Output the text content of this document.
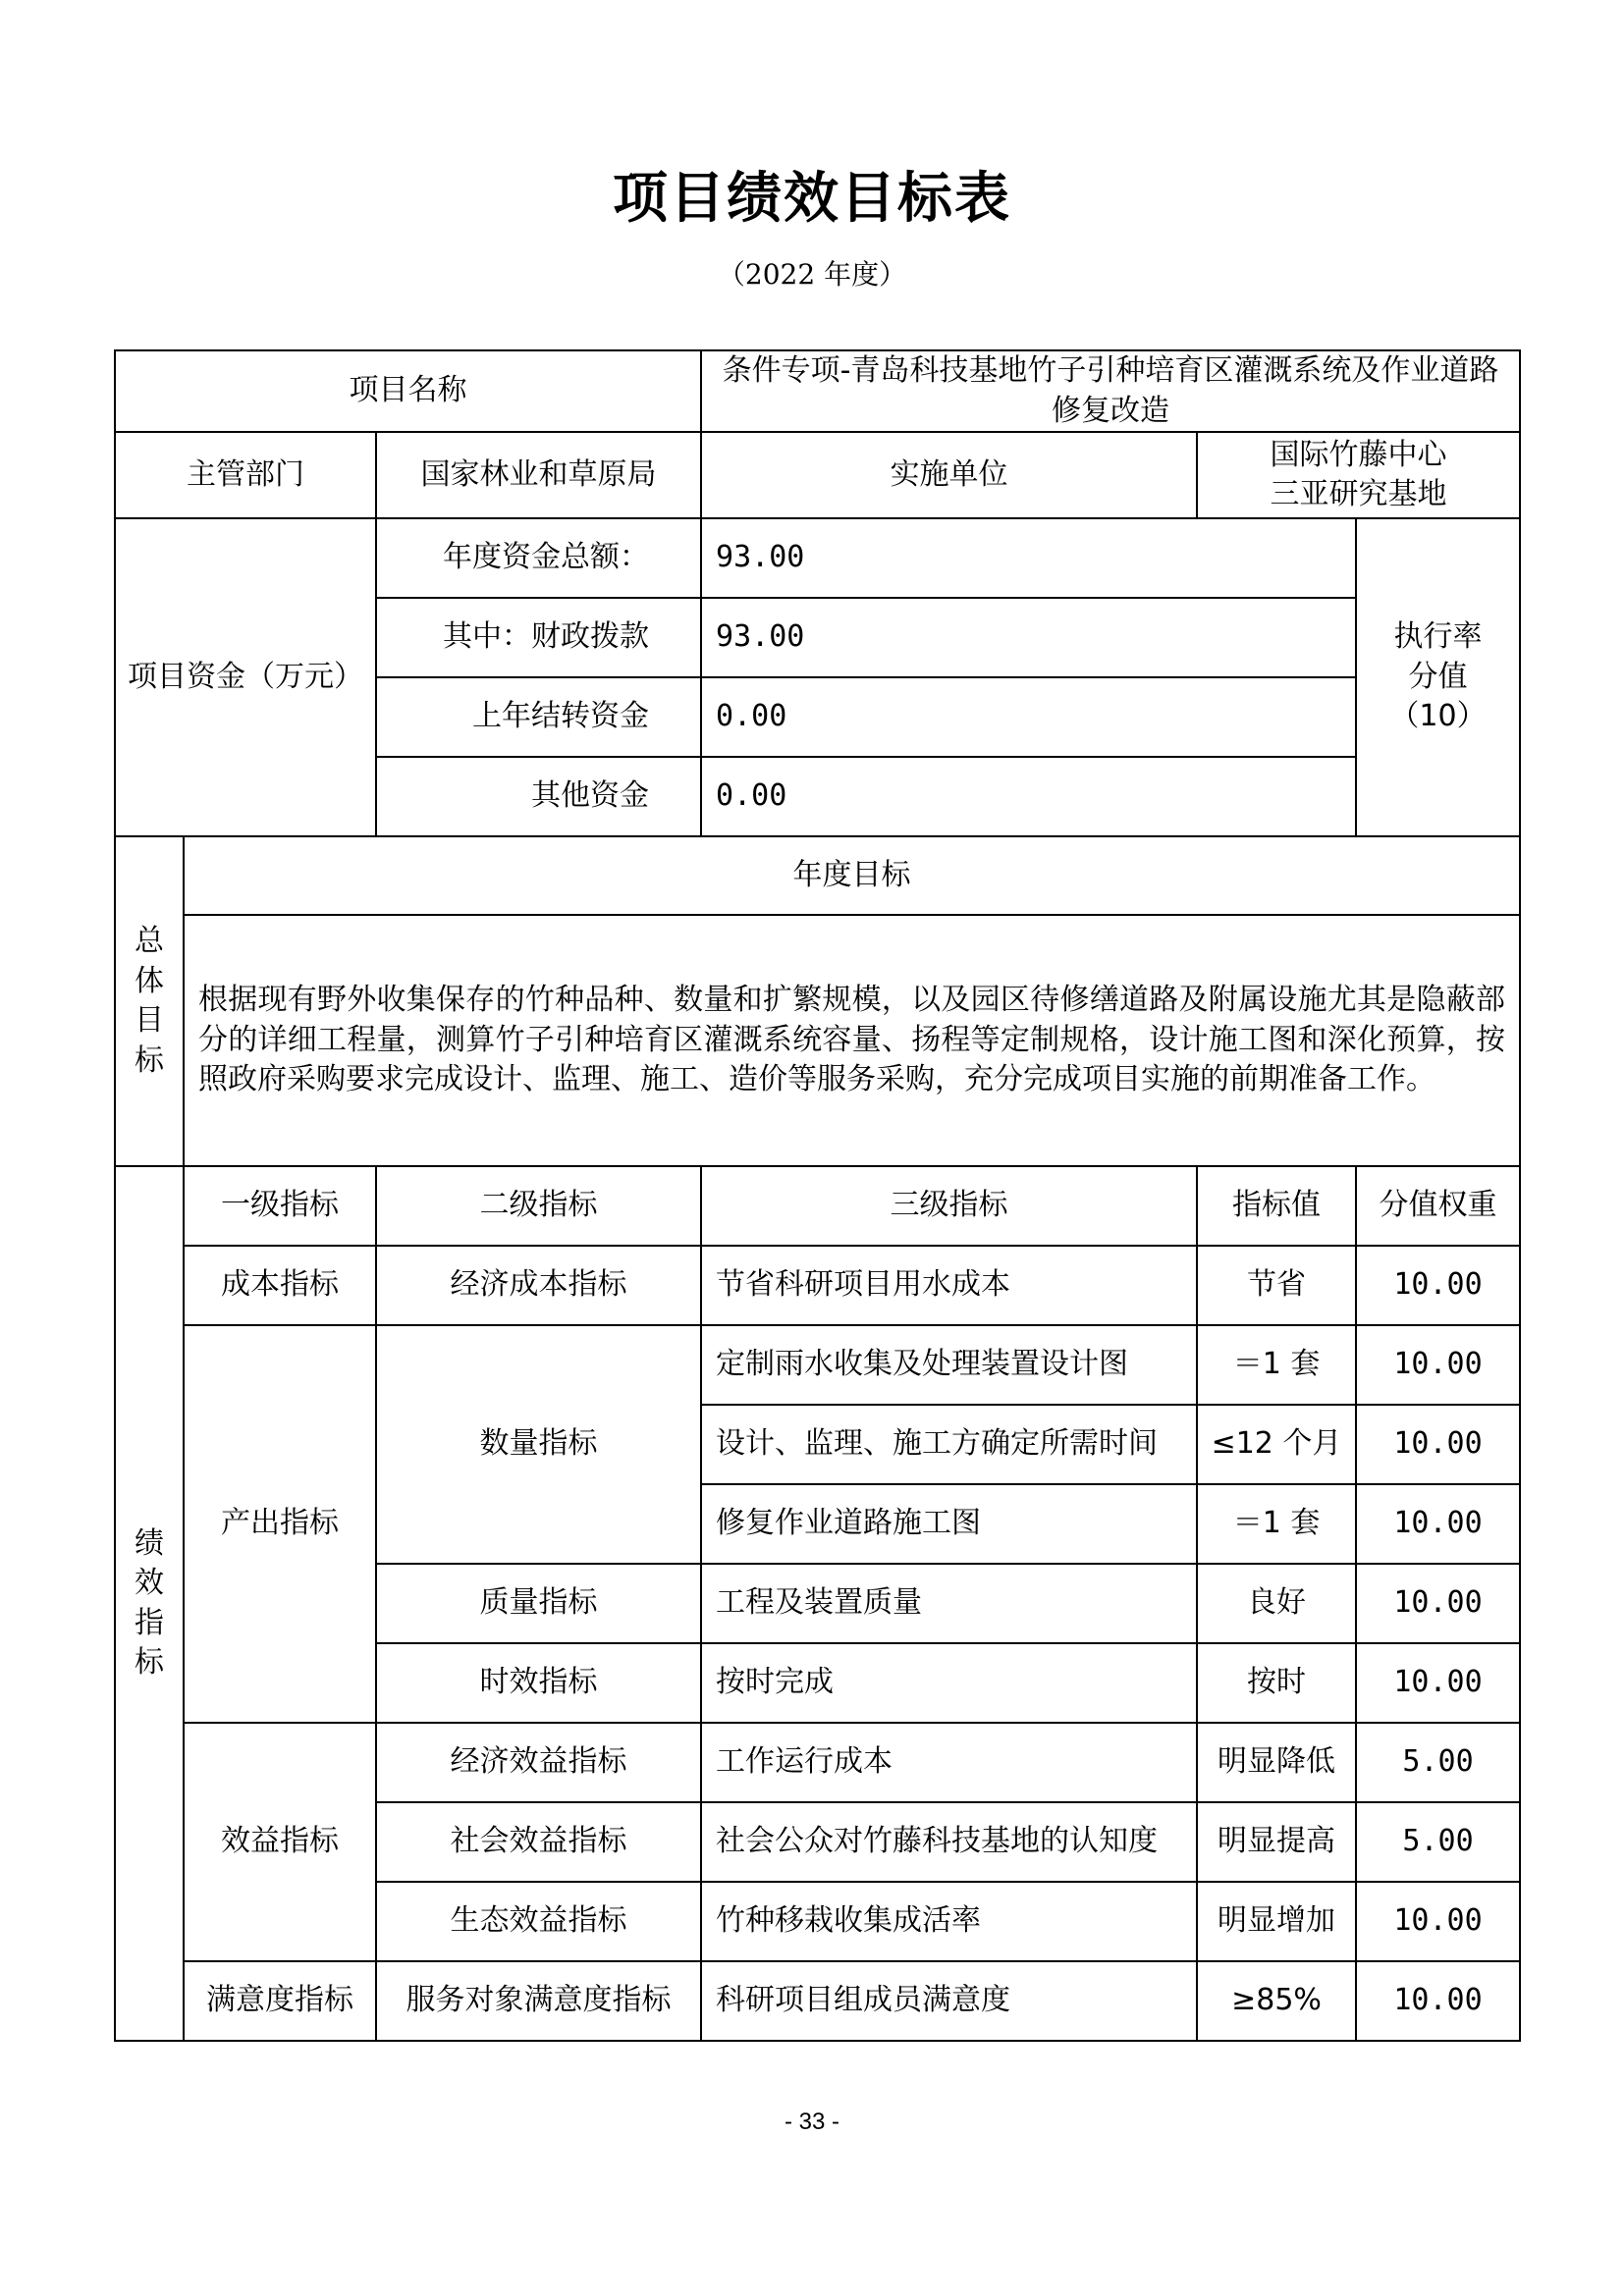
项目绩效目标表
（2022 年度）
项目名称			条件专项-青岛科技基地竹子引种培育区灌溉系统及作业道路修复改造		
主管部门		国家林业和草原局	实施单位	国际竹藤中心
三亚研究基地	

项目资金（万元）		年度资金总额：	93.00		执行率
分值
（10）

		其中：财政拨款	93.00		
		上年结转资金	0.00		
		其他资金	0.00		

总
体
目
标	年度目标				
	根据现有野外收集保存的竹种品种、数量和扩繁规模，以及园区待修缮道路及附属设施尤其是隐蔽部分的详细工程量，测算竹子引种培育区灌溉系统容量、扬程等定制规格，设计施工图和深化预算，按照政府采购要求完成设计、监理、施工、造价等服务采购，充分完成项目实施的前期准备工作。				

绩
效
指
标	一级指标	二级指标	三级指标	指标值	分值权重
	成本指标	经济成本指标	节省科研项目用水成本	节省	10.00
	产出指标	数量指标	定制雨水收集及处理装置设计图	＝1 套	10.00
			设计、监理、施工方确定所需时间	≤12 个月	10.00
			修复作业道路施工图	＝1 套	10.00
		质量指标	工程及装置质量	良好	10.00
		时效指标	按时完成	按时	10.00
	效益指标	经济效益指标	工作运行成本	明显降低	5.00
		社会效益指标	社会公众对竹藤科技基地的认知度	明显提高	5.00
		生态效益指标	竹种移栽收集成活率	明显增加	10.00
	满意度指标	服务对象满意度指标	科研项目组成员满意度	≥85%	10.00
- 33 -
